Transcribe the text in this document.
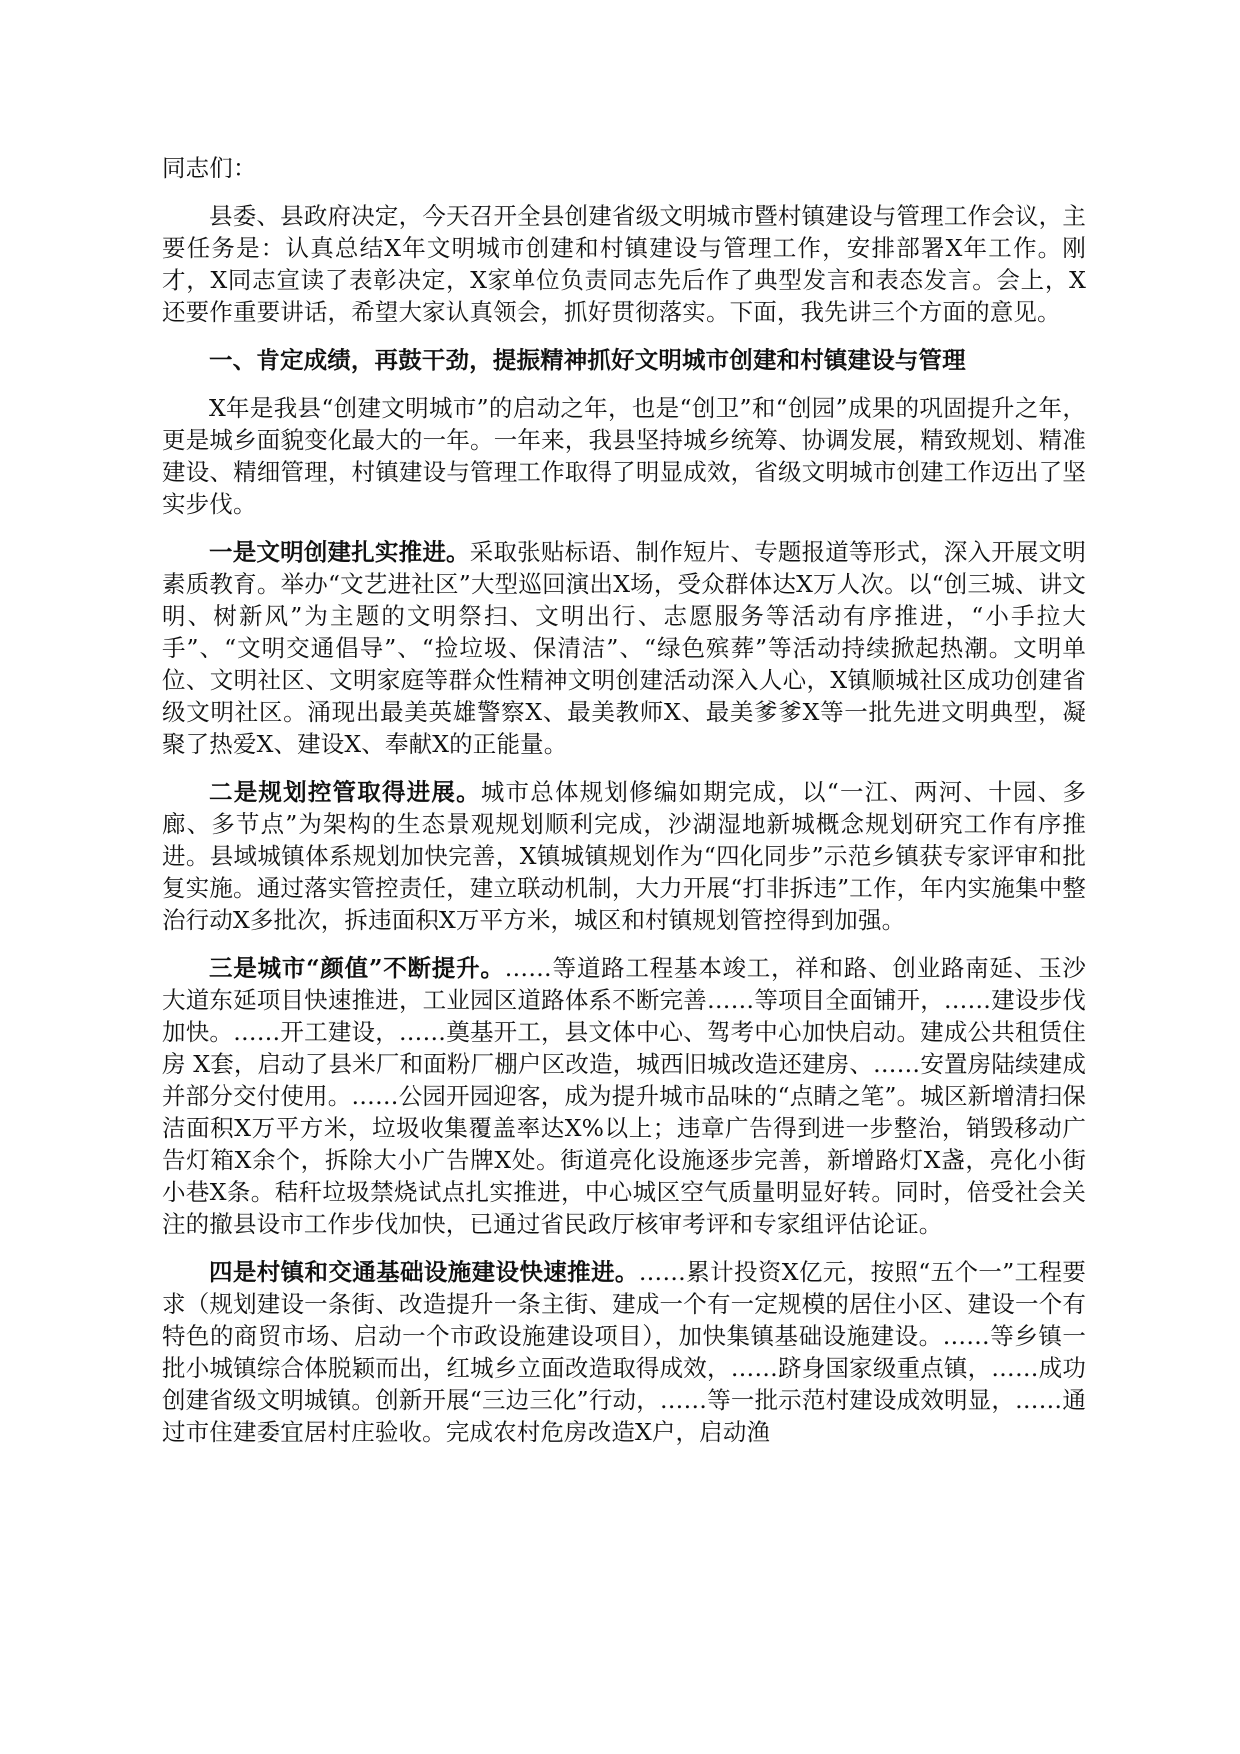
同志们：

县委、县政府决定，今天召开全县创建省级文明城市暨村镇建设与管理工作会议，主要任务是：认真总结X年文明城市创建和村镇建设与管理工作，安排部署X年工作。刚才，X同志宣读了表彰决定，X家单位负责同志先后作了典型发言和表态发言。会上，X还要作重要讲话，希望大家认真领会，抓好贯彻落实。下面，我先讲三个方面的意见。

一、肯定成绩，再鼓干劲，提振精神抓好文明城市创建和村镇建设与管理

X年是我县“创建文明城市”的启动之年，也是“创卫”和“创园”成果的巩固提升之年，更是城乡面貌变化最大的一年。一年来，我县坚持城乡统筹、协调发展，精致规划、精准建设、精细管理，村镇建设与管理工作取得了明显成效，省级文明城市创建工作迈出了坚实步伐。

一是文明创建扎实推进。采取张贴标语、制作短片、专题报道等形式，深入开展文明素质教育。举办“文艺进社区”大型巡回演出X场，受众群体达X万人次。以“创三城、讲文明、树新风”为主题的文明祭扫、文明出行、志愿服务等活动有序推进，“小手拉大手”、“文明交通倡导”、“捡垃圾、保清洁”、“绿色殡葬”等活动持续掀起热潮。文明单位、文明社区、文明家庭等群众性精神文明创建活动深入人心，X镇顺城社区成功创建省级文明社区。涌现出最美英雄警察X、最美教师X、最美爹爹X等一批先进文明典型，凝聚了热爱X、建设X、奉献X的正能量。

二是规划控管取得进展。城市总体规划修编如期完成，以“一江、两河、十园、多廊、多节点”为架构的生态景观规划顺利完成，沙湖湿地新城概念规划研究工作有序推进。县域城镇体系规划加快完善，X镇城镇规划作为“四化同步”示范乡镇获专家评审和批复实施。通过落实管控责任，建立联动机制，大力开展“打非拆违”工作，年内实施集中整治行动X多批次，拆违面积X万平方米，城区和村镇规划管控得到加强。

三是城市“颜值”不断提升。……等道路工程基本竣工，祥和路、创业路南延、玉沙大道东延项目快速推进，工业园区道路体系不断完善……等项目全面铺开，……建设步伐加快。……开工建设，……奠基开工，县文体中心、驾考中心加快启动。建成公共租赁住房 X套，启动了县米厂和面粉厂棚户区改造，城西旧城改造还建房、……安置房陆续建成并部分交付使用。……公园开园迎客，成为提升城市品味的“点睛之笔”。城区新增清扫保洁面积X万平方米，垃圾收集覆盖率达X%以上；违章广告得到进一步整治，销毁移动广告灯箱X余个，拆除大小广告牌X处。街道亮化设施逐步完善，新增路灯X盏，亮化小街小巷X条。秸秆垃圾禁烧试点扎实推进，中心城区空气质量明显好转。同时，倍受社会关注的撤县设市工作步伐加快，已通过省民政厅核审考评和专家组评估论证。

四是村镇和交通基础设施建设快速推进。……累计投资X亿元，按照“五个一”工程要求（规划建设一条街、改造提升一条主街、建成一个有一定规模的居住小区、建设一个有特色的商贸市场、启动一个市政设施建设项目），加快集镇基础设施建设。……等乡镇一批小城镇综合体脱颖而出，红城乡立面改造取得成效，……跻身国家级重点镇，……成功创建省级文明城镇。创新开展“三边三化”行动，……等一批示范村建设成效明显，……通过市住建委宜居村庄验收。完成农村危房改造X户，启动渔
